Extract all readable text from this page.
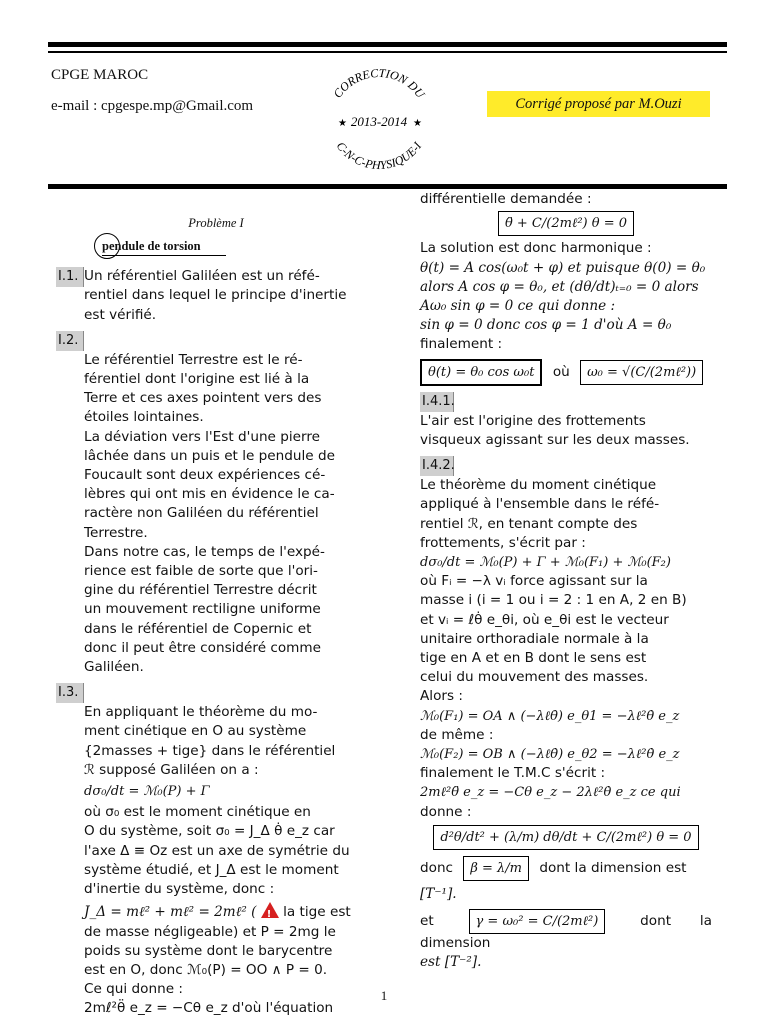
CPGE MAROC
e-mail : cpgespe.mp@Gmail.com
CORRECTION DU
2013-2014
★	★
C-N-C-PHYSIQUE-I
Corrigé proposé par M.Ouzi
Problème I
pendule de torsion
I.1. Un référentiel Galiléen est un réfé-

rentiel dans lequel le principe d'inertie

est vérifié.

I.2.

Le référentiel Terrestre est le ré-

férentiel dont l'origine est lié à la

Terre et ces axes pointent vers des

étoiles lointaines.

La déviation vers l'Est d'une pierre

lâchée dans un puis et le pendule de

Foucault sont deux expériences cé-

lèbres qui ont mis en évidence le ca-

ractère non Galiléen du référentiel

Terrestre.

Dans notre cas, le temps de l'expé-

rience est faible de sorte que l'ori-

gine du référentiel Terrestre décrit

un mouvement rectiligne uniforme

dans le référentiel de Copernic et

donc il peut être considéré comme

Galiléen.

I.3.

En appliquant le théorème du mo-

ment cinétique en O au système

{2masses + tige} dans le référentiel

ℛ supposé Galiléen on a :

dσ₀/dt = ℳ₀(P) + Γ

où σ₀ est le moment cinétique en

O du système, soit σ₀ = J_Δ θ̇ e_z car

l'axe Δ ≡ Oz est un axe de symétrie du

système étudié, et J_Δ est le moment

d'inertie du système, donc :

J_Δ = mℓ² + mℓ² = 2mℓ² ( ! la tige est

de masse négligeable) et P = 2mg le

poids su système dont le barycentre

est en O, donc ℳ₀(P) = OO ∧ P = 0.

Ce qui donne :

2mℓ²θ̈ e_z = −Cθ e_z d'où l'équation

différentielle demandée :

θ̈ + C/(2mℓ²) θ = 0

La solution est donc harmonique :

θ(t) = A cos(ω₀t + φ) et puisque θ(0) = θ₀

alors A cos φ = θ₀, et (dθ/dt)ₜ₌₀ = 0 alors

Aω₀ sin φ = 0 ce qui donne :

sin φ = 0 donc cos φ = 1 d'où A = θ₀

finalement :

θ(t) = θ₀ cos ω₀t où ω₀ = √(C/(2mℓ²))
I.4.1.

L'air est l'origine des frottements

visqueux agissant sur les deux masses.

I.4.2.

Le théorème du moment cinétique

appliqué à l'ensemble dans le réfé-

rentiel ℛ, en tenant compte des

frottements, s'écrit par :

dσ₀/dt = ℳ₀(P) + Γ + ℳ₀(F₁) + ℳ₀(F₂)

où Fᵢ = −λ vᵢ force agissant sur la

masse i (i = 1 ou i = 2 : 1 en A, 2 en B)

et vᵢ = ℓθ̇ e_θi, où e_θi est le vecteur

unitaire orthoradiale normale à la

tige en A et en B dont le sens est

celui du mouvement des masses.

Alors :

ℳ₀(F₁) = OA ∧ (−λℓθ̇) e_θ1 = −λℓ²θ̇ e_z

de même :

ℳ₀(F₂) = OB ∧ (−λℓθ̇) e_θ2 = −λℓ²θ̇ e_z

finalement le T.M.C s'écrit :

2mℓ²θ̈ e_z = −Cθ e_z − 2λℓ²θ̇ e_z ce qui

donne :

d²θ/dt² + (λ/m) dθ/dt + C/(2mℓ²) θ = 0

donc β = λ/m dont la dimension est

[T⁻¹].

et	γ = ω₀² = C/(2mℓ²)	dont la dimension

est [T⁻²].

1
